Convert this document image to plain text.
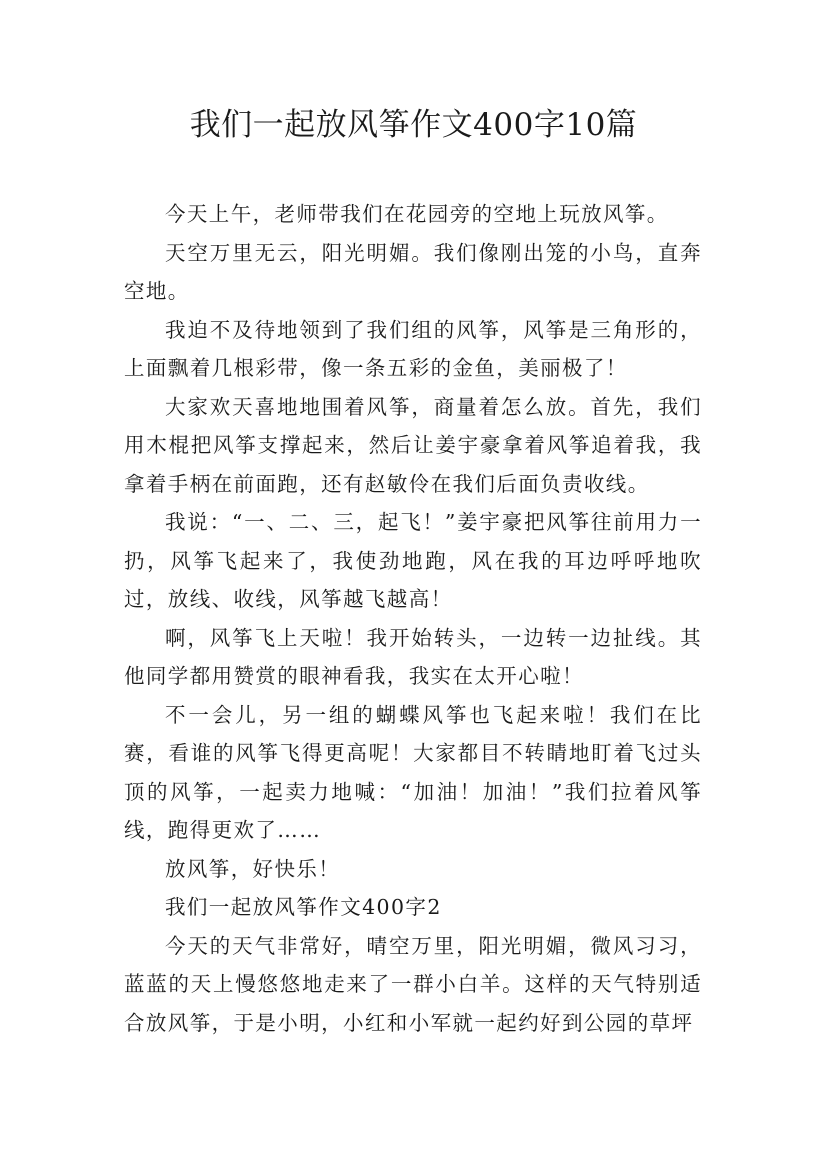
我们一起放风筝作文400字10篇

今天上午，老师带我们在花园旁的空地上玩放风筝。

天空万里无云，阳光明媚。我们像刚出笼的小鸟，直奔空地。

我迫不及待地领到了我们组的风筝，风筝是三角形的，上面飘着几根彩带，像一条五彩的金鱼，美丽极了！

大家欢天喜地地围着风筝，商量着怎么放。首先，我们用木棍把风筝支撑起来，然后让姜宇豪拿着风筝追着我，我拿着手柄在前面跑，还有赵敏伶在我们后面负责收线。

我说：“一、二、三，起飞！”姜宇豪把风筝往前用力一扔，风筝飞起来了，我使劲地跑，风在我的耳边呼呼地吹过，放线、收线，风筝越飞越高！

啊，风筝飞上天啦！我开始转头，一边转一边扯线。其他同学都用赞赏的眼神看我，我实在太开心啦！

不一会儿，另一组的蝴蝶风筝也飞起来啦！我们在比赛，看谁的风筝飞得更高呢！大家都目不转睛地盯着飞过头顶的风筝，一起卖力地喊：“加油！加油！”我们拉着风筝线，跑得更欢了……

放风筝，好快乐！

我们一起放风筝作文400字2

今天的天气非常好，晴空万里，阳光明媚，微风习习，蓝蓝的天上慢悠悠地走来了一群小白羊。这样的天气特别适合放风筝，于是小明，小红和小军就一起约好到公园的草坪
